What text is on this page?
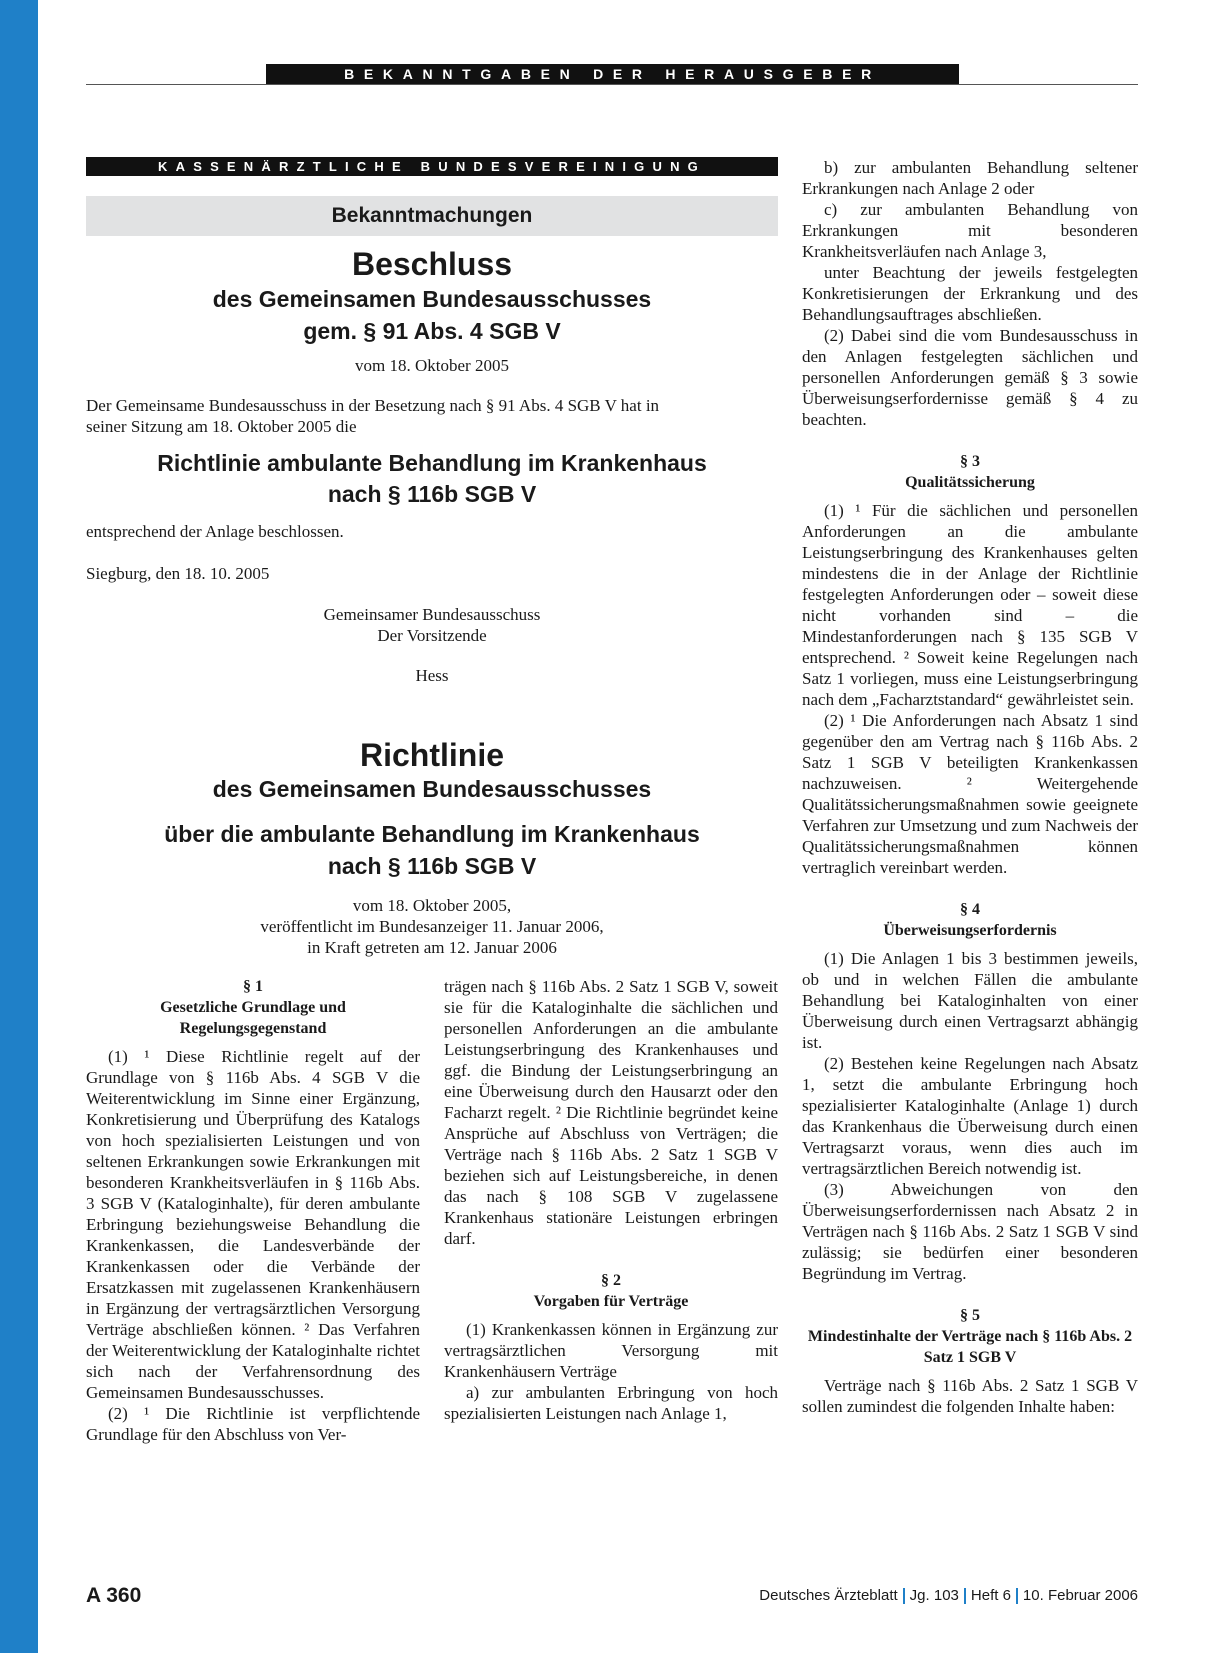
BEKANNTGABEN DER HERAUSGEBER
KASSENÄRZTLICHE BUNDESVEREINIGUNG
Bekanntmachungen
Beschluss
des Gemeinsamen Bundesausschusses
gem. § 91 Abs. 4 SGB V
vom 18. Oktober 2005
Der Gemeinsame Bundesausschuss in der Besetzung nach § 91 Abs. 4 SGB V hat in
seiner Sitzung am 18. Oktober 2005 die
Richtlinie ambulante Behandlung im Krankenhaus
nach § 116b SGB V
entsprechend der Anlage beschlossen.
Siegburg, den 18. 10. 2005
Gemeinsamer Bundesausschuss
Der Vorsitzende
Hess
Richtlinie
des Gemeinsamen Bundesausschusses
über die ambulante Behandlung im Krankenhaus
nach § 116b SGB V
vom 18. Oktober 2005,
veröffentlicht im Bundesanzeiger 11. Januar 2006,
in Kraft getreten am 12. Januar 2006
§ 1
Gesetzliche Grundlage und Regelungsgegenstand

(1) ¹ Diese Richtlinie regelt auf der Grundlage von § 116b Abs. 4 SGB V die Weiterentwicklung im Sinne einer Ergänzung, Konkretisierung und Überprüfung des Katalogs von hoch spezialisierten Leistungen und von seltenen Erkrankungen sowie Erkrankungen mit besonderen Krankheitsverläufen in § 116b Abs. 3 SGB V (Kataloginhalte), für deren ambulante Erbringung beziehungsweise Behandlung die Krankenkassen, die Landesverbände der Krankenkassen oder die Verbände der Ersatzkassen mit zugelassenen Krankenhäusern in Ergänzung der vertragsärztlichen Versorgung Verträge abschließen können. ² Das Verfahren der Weiterentwicklung der Kataloginhalte richtet sich nach der Verfahrensordnung des Gemeinsamen Bundesausschusses.

(2) ¹ Die Richtlinie ist verpflichtende Grundlage für den Abschluss von Ver-

trägen nach § 116b Abs. 2 Satz 1 SGB V, soweit sie für die Kataloginhalte die sächlichen und personellen Anforderungen an die ambulante Leistungserbringung des Krankenhauses und ggf. die Bindung der Leistungserbringung an eine Überweisung durch den Hausarzt oder den Facharzt regelt. ² Die Richtlinie begründet keine Ansprüche auf Abschluss von Verträgen; die Verträge nach § 116b Abs. 2 Satz 1 SGB V beziehen sich auf Leistungsbereiche, in denen das nach § 108 SGB V zugelassene Krankenhaus stationäre Leistungen erbringen darf.

§ 2
Vorgaben für Verträge

(1) Krankenkassen können in Ergänzung zur vertragsärztlichen Versorgung mit Krankenhäusern Verträge

a) zur ambulanten Erbringung von hoch spezialisierten Leistungen nach Anlage 1,

b) zur ambulanten Behandlung seltener Erkrankungen nach Anlage 2 oder

c) zur ambulanten Behandlung von Erkrankungen mit besonderen Krankheitsverläufen nach Anlage 3,

unter Beachtung der jeweils festgelegten Konkretisierungen der Erkrankung und des Behandlungsauftrages abschließen.

(2) Dabei sind die vom Bundesausschuss in den Anlagen festgelegten sächlichen und personellen Anforderungen gemäß § 3 sowie Überweisungserfordernisse gemäß § 4 zu beachten.

§ 3
Qualitätssicherung

(1) ¹ Für die sächlichen und personellen Anforderungen an die ambulante Leistungserbringung des Krankenhauses gelten mindestens die in der Anlage der Richtlinie festgelegten Anforderungen oder – soweit diese nicht vorhanden sind – die Mindestanforderungen nach § 135 SGB V entsprechend. ² Soweit keine Regelungen nach Satz 1 vorliegen, muss eine Leistungserbringung nach dem „Facharztstandard“ gewährleistet sein.

(2) ¹ Die Anforderungen nach Absatz 1 sind gegenüber den am Vertrag nach § 116b Abs. 2 Satz 1 SGB V beteiligten Krankenkassen nachzuweisen. ² Weitergehende Qualitätssicherungsmaßnahmen sowie geeignete Verfahren zur Umsetzung und zum Nachweis der Qualitätssicherungsmaßnahmen können vertraglich vereinbart werden.

§ 4
Überweisungserfordernis

(1) Die Anlagen 1 bis 3 bestimmen jeweils, ob und in welchen Fällen die ambulante Behandlung bei Kataloginhalten von einer Überweisung durch einen Vertragsarzt abhängig ist.

(2) Bestehen keine Regelungen nach Absatz 1, setzt die ambulante Erbringung hoch spezialisierter Kataloginhalte (Anlage 1) durch das Krankenhaus die Überweisung durch einen Vertragsarzt voraus, wenn dies auch im vertragsärztlichen Bereich notwendig ist.

(3) Abweichungen von den Überweisungserfordernissen nach Absatz 2 in Verträgen nach § 116b Abs. 2 Satz 1 SGB V sind zulässig; sie bedürfen einer besonderen Begründung im Vertrag.

§ 5
Mindestinhalte der Verträge nach § 116b Abs. 2 Satz 1 SGB V

Verträge nach § 116b Abs. 2 Satz 1 SGB V sollen zumindest die folgenden Inhalte haben:

A 360	Deutsches Ärzteblatt Jg. 103 Heft 6 10. Februar 2006
